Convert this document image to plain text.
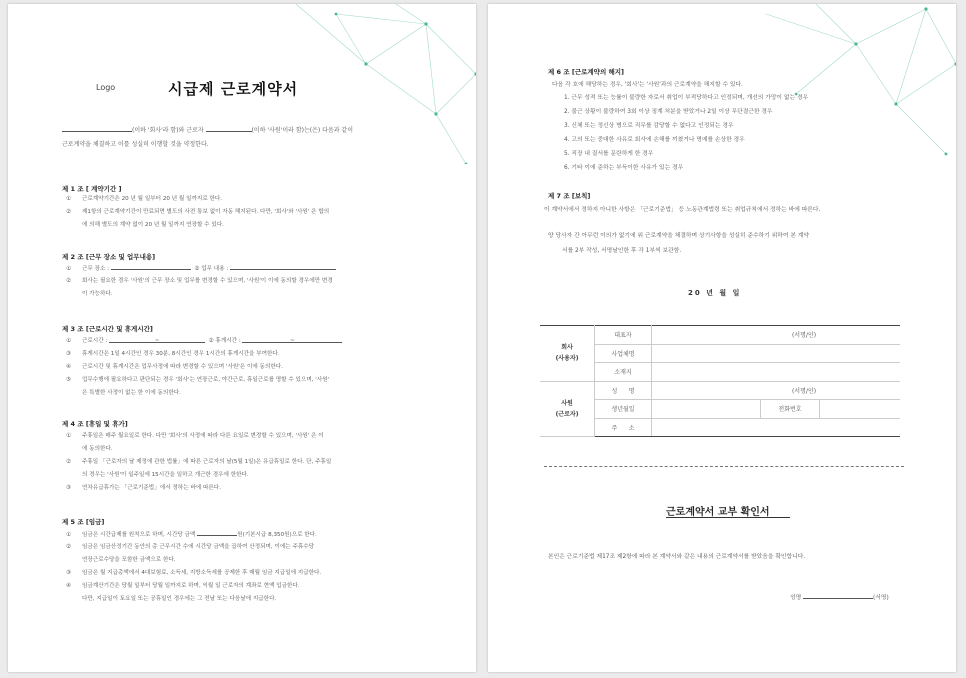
Logo	시급제 근로계약서
(이하 '회사'라 함)와 근로자	(이하 '사원'이라 함)는(은) 다음과 같이
근로계약을 체결하고 이를 성실히 이행할 것을 약정한다.
제 1 조 [ 계약기간 ]
① 근로계약기간은 20 년 월 일부터 20 년 월 일까지로 한다.
② 제1항의 근로계약기간이 만료되면 별도의 사전 통보 없이 자동 해지된다. 다만, '회사'와 '사원' 은 합의
에 의해 별도의 계약 없이 20 년 월 일까지 연장할 수 있다.
제 2 조 [근무 장소 및 업무내용]
① 근무 장소 :	② 업무 내용 :
② 회사는 필요한 경우 '사원'의 근무 장소 및 업무를 변경할 수 있으며, '사원'이 이에 동의할 경우에만 변경
이 가능하다.
제 3 조 [근로시간 및 휴게시간]
① 근로시간 :	~	② 휴게시간 :	~
③ 휴게시간은 1일 4시간인 경우 30분, 8시간인 경우 1시간의 휴게시간을 부여한다.
④ 근로시간 및 휴게시간은 업무사정에 따라 변경할 수 있으며 '사원'은 이에 동의한다.
⑤ 업무수행에 필요하다고 판단되는 경우 '회사'는 연장근로, 야간근로, 휴일근로를 명할 수 있으며, '사원'
은 특별한 사정이 없는 한 이에 동의한다.
제 4 조 [휴일 및 휴가]
① 주휴일은 매주 월요일로 한다. 다만 '회사'의 사정에 따라 다른 요일로 변경할 수 있으며, '사원' 은 이
에 동의한다.
② 주휴일 「근로자의 날 제정에 관한 법률」에 따른 근로자의 날(5월 1일)은 유급휴일로 한다. 단, 주휴일
의 경우는 '사원'이 일주일에 15시간을 일하고 개근한 경우에 한한다.
③ 연차유급휴가는 「근로기준법」에서 정하는 바에 따른다.
제 5 조 [임금]
① 임금은 시간급제를 원칙으로 하며, 시간당 금액	원(기본시급 8,350원)으로 한다.
② 임금은 임금산정기간 동안의 총 근무시간 수에 시간당 금액을 곱하여 산정되며, 이에는 주휴수당
연장근로수당을 포함한 금액으로 한다.
③ 임금은 월 지급총액에서 4대보험료, 소득세, 지방소득세를 공제한 후 매월 임금 지급일에 지급한다.
④ 임금계산기간은 당월 일부터 당월 일까지로 하며, 익월 일 근로자의 계좌로 현액 입금한다.
다만, 지급일이 토요일 또는 공휴일인 경우에는 그 전날 또는 다음날에 지급한다.
제 6 조 [근로계약의 해지]
다음 각 호에 해당하는 경우, '회사'는 '사원'과의 근로계약을 해지할 수 있다.
1. 근무 성적 또는 능률이 불량한 자로서 취업이 부적당하다고 인정되며, 개선의 가망이 없는 경우
2. 불근 상황이 불량하여 3회 이상 징계 처분을 받았거나 2일 이상 무단결근한 경우
3. 신체 또는 정신상 병으로 직무를 감당할 수 없다고 인정되는 경우
4. 고의 또는 중대한 사유로 회사에 손해를 끼쳤거나 명예를 손상한 경우
5. 직장 내 질서를 문란하게 한 경우
6. 기타 이에 준하는 부득이한 사유가 있는 경우
제 7 조 [보칙]
이 계약서에서 정하지 아니한 사항은 「근로기준법」 등 노동관계법령 또는 취업규칙에서 정하는 바에 따른다.
양 당사자 간 아무런 이의가 없기에 위 근로계약을 체결하며 상기사항을 성실히 준수하기 위하여 본 계약
서를 2부 작성, 서명날인한 후 각 1부씩 보관함.
20 년 월 일
회사
(사용자)	대표자	(서명/인)		
	사업체명			
	소재지			
사원
(근로자)	성      명	(서명/인)		
	생년월일		전화번호	
	주      소			
근로계약서 교부 확인서
본인은 근로기준법 제17조 제2항에 따라 본 계약서와 같은 내용의 근로계약서를 받았음을 확인합니다.
성명	(서명)
